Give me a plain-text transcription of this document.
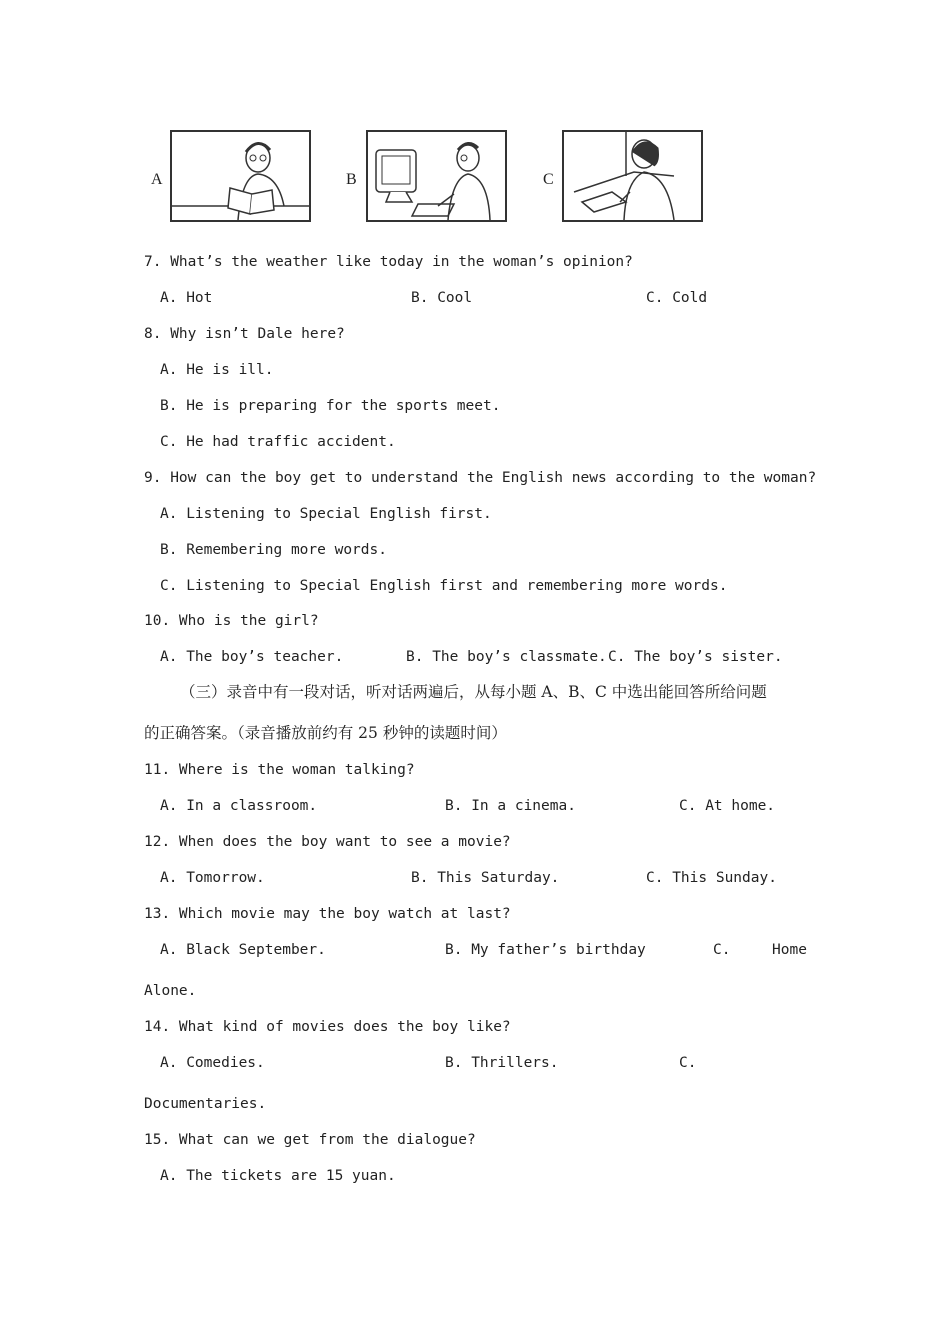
A	B	C
7. What’s the weather like today in the woman’s opinion?
A. Hot	B. Cool	C. Cold
8. Why isn’t Dale here?
A. He is ill.
B. He is preparing for the sports meet.
C. He had traffic accident.
9. How can the boy get to understand the English news according to the woman?
A. Listening to Special English first.
B. Remembering more words.
C. Listening to Special English first and remembering more words.
10. Who is the girl?
A. The boy’s teacher.	B. The boy’s classmate. C. The boy’s sister.
（三）录音中有一段对话，听对话两遍后，从每小题 A、B、C 中选出能回答所给问题
的正确答案。（录音播放前约有 25 秒钟的读题时间）
11. Where is the woman talking?
A. In a classroom.	B. In a cinema.	C. At home.
12. When does the boy want to see a movie?
A. Tomorrow.	B. This Saturday.	C. This Sunday.
13. Which movie may the boy watch at last?
A. Black September.	B. My father’s birthday	C.	Home
Alone.
14. What kind of movies does the boy like?
A. Comedies.	B. Thrillers.	C.
Documentaries.
15. What can we get from the dialogue?
A. The tickets are 15 yuan.
